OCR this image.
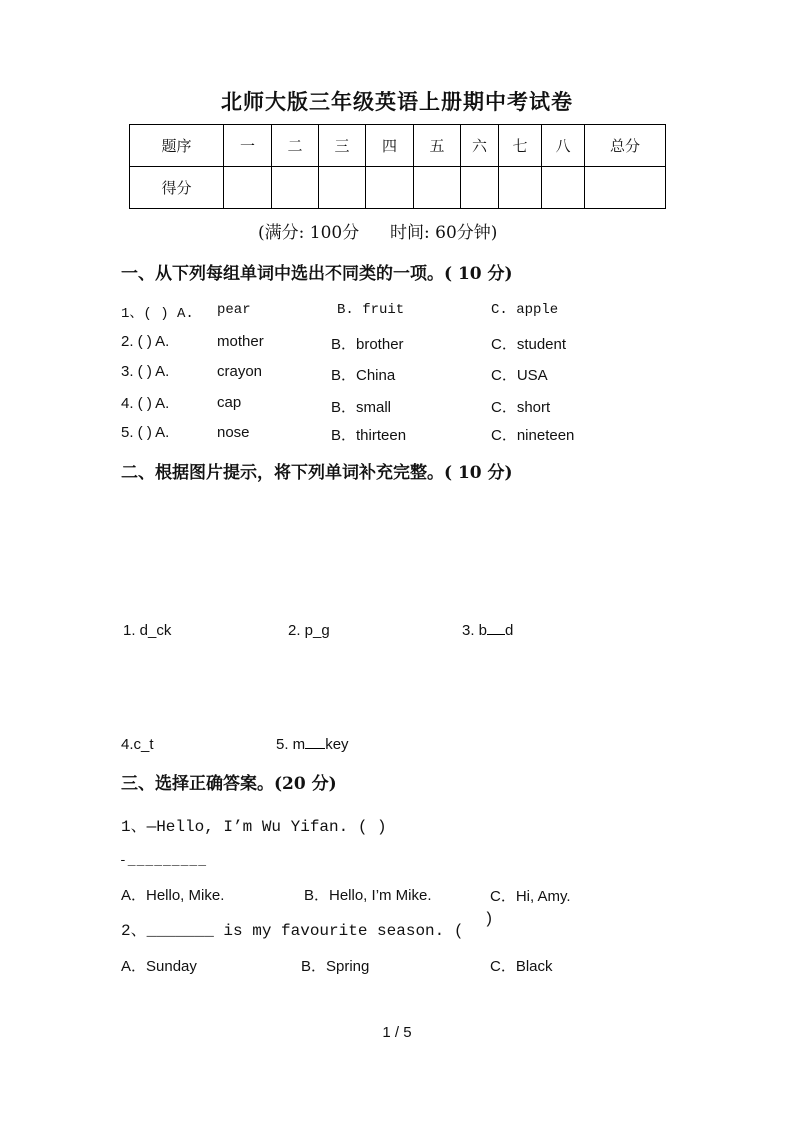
北师大版三年级英语上册期中考试卷
题序	一	二	三	四	五	六	七	八	总分
得分									
(满分: 100分 时间: 60分钟)
一、从下列每组单词中选出不同类的一项。( 10 分)
1、( ) A. pear	B. fruit	C. apple
2. ( ) A.	mother	B．brother	C．student
3. ( ) A.	crayon	B．China	C．USA
4. ( ) A.	cap	B．small	C．short
5. ( ) A.	nose	B．thirteen	C．nineteen
二、根据图片提示，将下列单词补充完整。( 10 分)
1. d_ck	2. p_g	3. b d
4.c_t	5. m key
三、选择正确答案。(20 分)
1、—Hello, I’m Wu Yifan. ( )
-_________
A．Hello, Mike.	B．Hello, I’m Mike.	C．Hi, Amy.
2、_______ is my favourite season. (
)
A．Sunday	B．Spring	C．Black
1 / 5
